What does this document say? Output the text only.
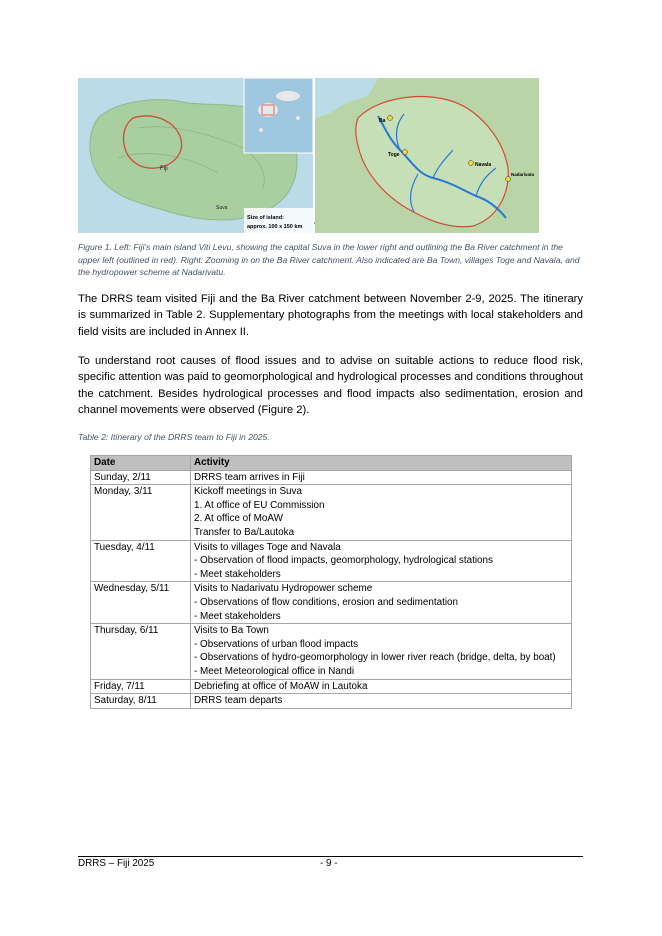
Fiji
Suva
Size of island:
approx. 100 x 150 km
Ba
Toge
Navala
Nadarivatu
Figure 1. Left: Fiji's main island Viti Levu, showing the capital Suva in the lower right and outlining the Ba River catchment in the upper left (outlined in red). Right: Zooming in on the Ba River catchment. Also indicated are Ba Town, villages Toge and Navala, and the hydropower scheme at Nadarivatu.
The DRRS team visited Fiji and the Ba River catchment between November 2-9, 2025. The itinerary is summarized in Table 2. Supplementary photographs from the meetings with local stakeholders and field visits are included in Annex II.
To understand root causes of flood issues and to advise on suitable actions to reduce flood risk, specific attention was paid to geomorphological and hydrological processes and conditions throughout the catchment. Besides hydrological processes and flood impacts also sedimentation, erosion and channel movements were observed (Figure 2).
Table 2: Itinerary of the DRRS team to Fiji in 2025.
Date	Activity
Sunday, 2/11	DRRS team arrives in Fiji

Monday, 3/11	Kickoff meetings in Suva
1. At office of EU Commission
2. At office of MoAW
Transfer to Ba/Lautoka

Tuesday, 4/11	Visits to villages Toge and Navala
- Observation of flood impacts, geomorphology, hydrological stations
- Meet stakeholders

Wednesday, 5/11	Visits to Nadarivatu Hydropower scheme
- Observations of flow conditions, erosion and sedimentation
- Meet stakeholders

Thursday, 6/11	Visits to Ba Town
- Observations of urban flood impacts
- Observations of hydro-geomorphology in lower river reach (bridge, delta, by boat)
- Meet Meteorological office in Nandi

Friday, 7/11	Debriefing at office of MoAW in Lautoka

Saturday, 8/11	DRRS team departs
DRRS – Fiji 2025	- 9 -
